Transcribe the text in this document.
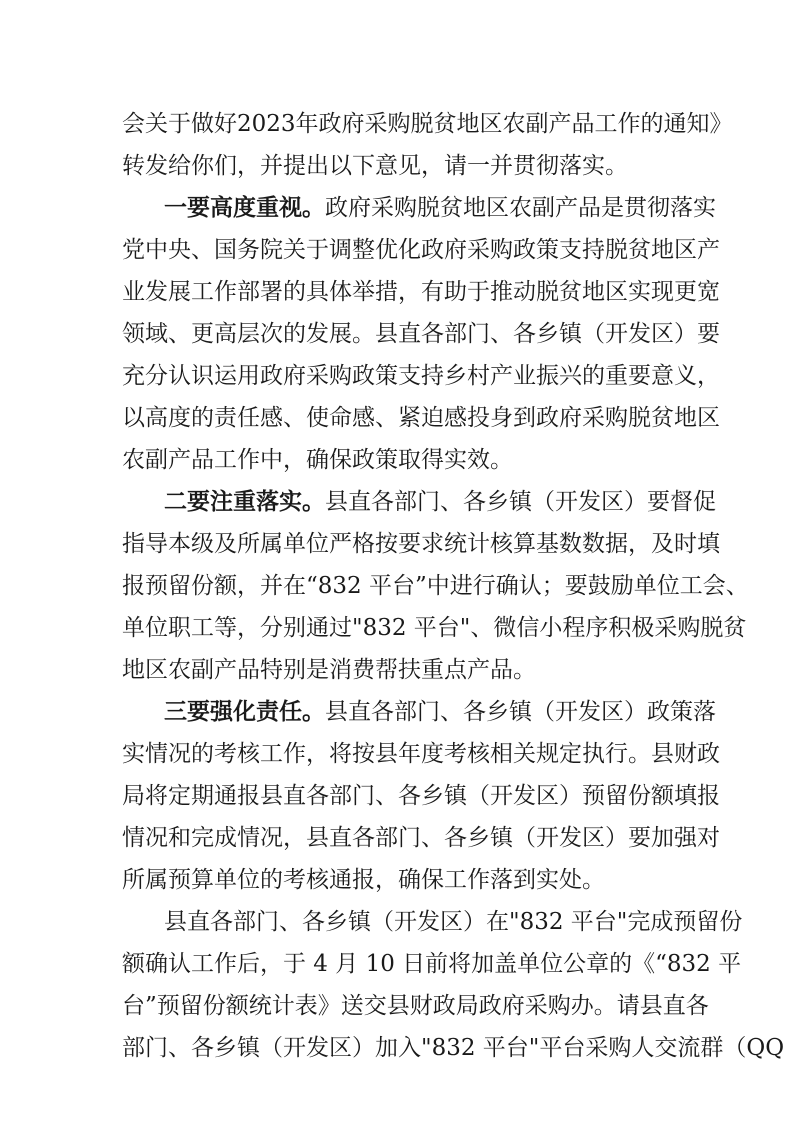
会关于做好2023年政府采购脱贫地区农副产品工作的通知》
转发给你们，并提出以下意见，请一并贯彻落实。
一要高度重视。政府采购脱贫地区农副产品是贯彻落实
党中央、国务院关于调整优化政府采购政策支持脱贫地区产
业发展工作部署的具体举措，有助于推动脱贫地区实现更宽
领域、更高层次的发展。县直各部门、各乡镇（开发区）要
充分认识运用政府采购政策支持乡村产业振兴的重要意义，
以高度的责任感、使命感、紧迫感投身到政府采购脱贫地区
农副产品工作中，确保政策取得实效。
二要注重落实。县直各部门、各乡镇（开发区）要督促
指导本级及所属单位严格按要求统计核算基数数据，及时填
报预留份额，并在“832 平台”中进行确认；要鼓励单位工会、
单位职工等，分别通过"832 平台"、微信小程序积极采购脱贫
地区农副产品特别是消费帮扶重点产品。
三要强化责任。县直各部门、各乡镇（开发区）政策落
实情况的考核工作，将按县年度考核相关规定执行。县财政
局将定期通报县直各部门、各乡镇（开发区）预留份额填报
情况和完成情况，县直各部门、各乡镇（开发区）要加强对
所属预算单位的考核通报，确保工作落到实处。
县直各部门、各乡镇（开发区）在"832 平台"完成预留份
额确认工作后，于 4 月 10 日前将加盖单位公章的《“832 平
台”预留份额统计表》送交县财政局政府采购办。请县直各
部门、各乡镇（开发区）加入"832 平台"平台采购人交流群（QQ
